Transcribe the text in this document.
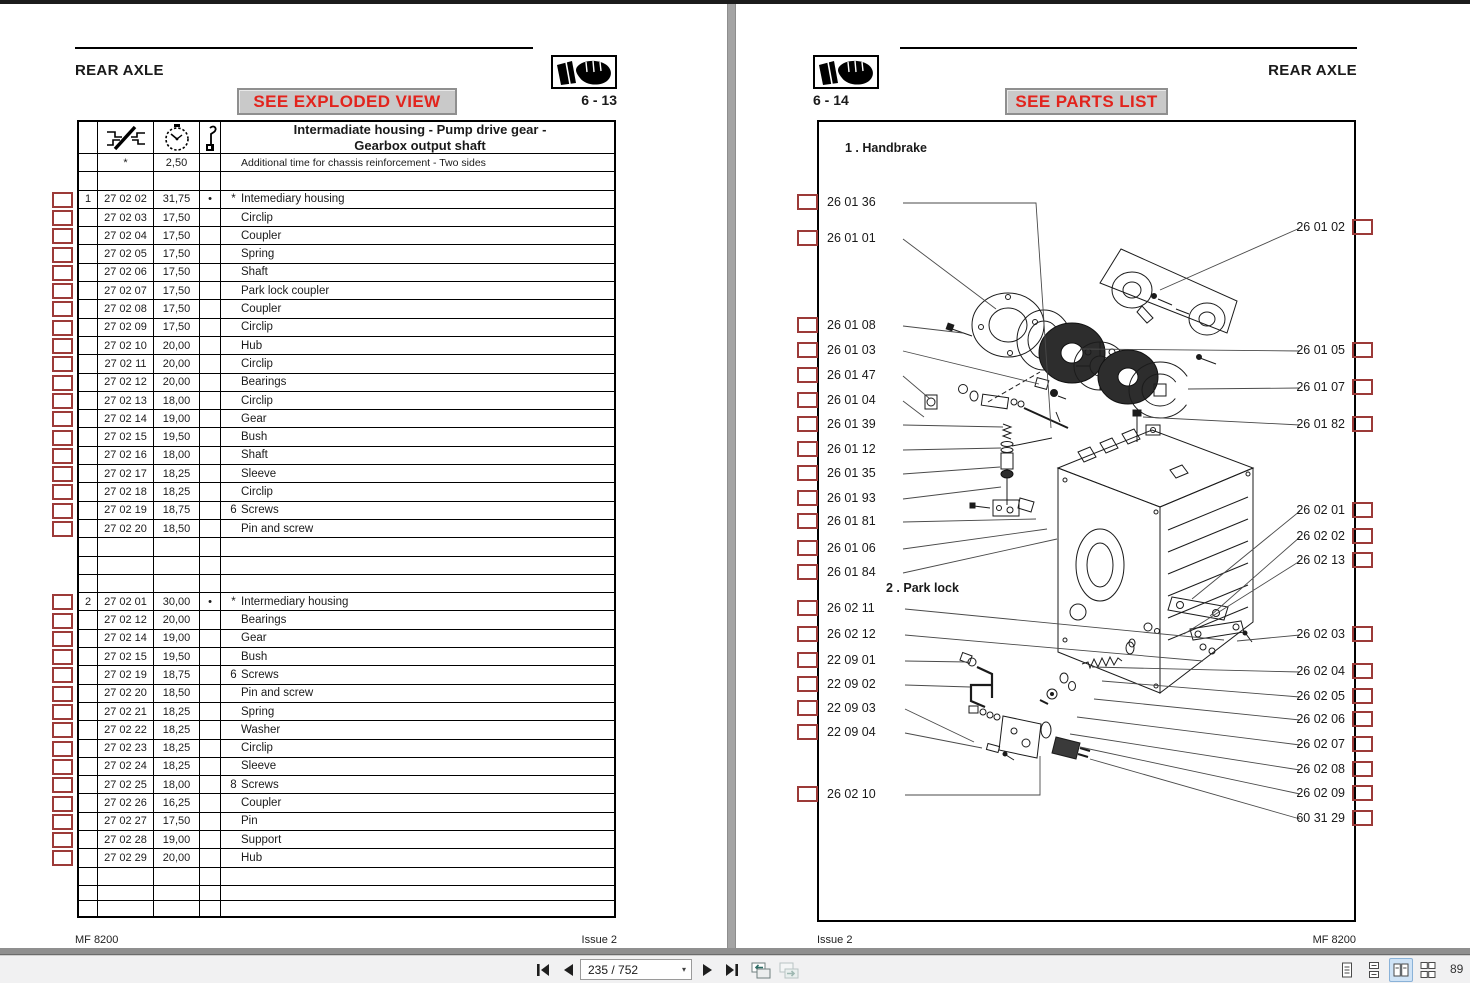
REAR AXLE
6 - 13
SEE EXPLODED VIEW
Intermadiate housing - Pump drive gear -
Gearbox output shaft
*	2,50	Additional time for chassis reinforcement - Two sides
1	27 02 02	31,75	•	* Intemediary housing
27 02 03	17,50	Circlip
27 02 04	17,50	Coupler
27 02 05	17,50	Spring
27 02 06	17,50	Shaft
27 02 07	17,50	Park lock coupler
27 02 08	17,50	Coupler
27 02 09	17,50	Circlip
27 02 10	20,00	Hub
27 02 11	20,00	Circlip
27 02 12	20,00	Bearings
27 02 13	18,00	Circlip
27 02 14	19,00	Gear
27 02 15	19,50	Bush
27 02 16	18,00	Shaft
27 02 17	18,25	Sleeve
27 02 18	18,25	Circlip
27 02 19	18,75	6 Screws
27 02 20	18,50	Pin and screw
2	27 02 01	30,00	•	* Intermediary housing
27 02 12	20,00	Bearings
27 02 14	19,00	Gear
27 02 15	19,50	Bush
27 02 19	18,75	6 Screws
27 02 20	18,50	Pin and screw
27 02 21	18,25	Spring
27 02 22	18,25	Washer
27 02 23	18,25	Circlip
27 02 24	18,25	Sleeve
27 02 25	18,00	8 Screws
27 02 26	16,25	Coupler
27 02 27	17,50	Pin
27 02 28	19,00	Support
27 02 29	20,00	Hub
MF 8200	Issue 2
REAR AXLE
6 - 14	SEE PARTS LIST
1 . Handbrake
2 . Park lock
Issue 2	MF 8200
235 / 752	▾	89
26 01 36
26 01 01
26 01 08
26 01 03
26 01 47
26 01 04
26 01 39
26 01 12
26 01 35
26 01 93
26 01 81
26 01 06
26 01 84
26 02 11
26 02 12
22 09 01
22 09 02
22 09 03
22 09 04
26 02 10
26 01 02
26 01 05
26 01 07
26 01 82
26 02 01
26 02 02
26 02 13
26 02 03
26 02 04
26 02 05
26 02 06
26 02 07
26 02 08
26 02 09
60 31 29
